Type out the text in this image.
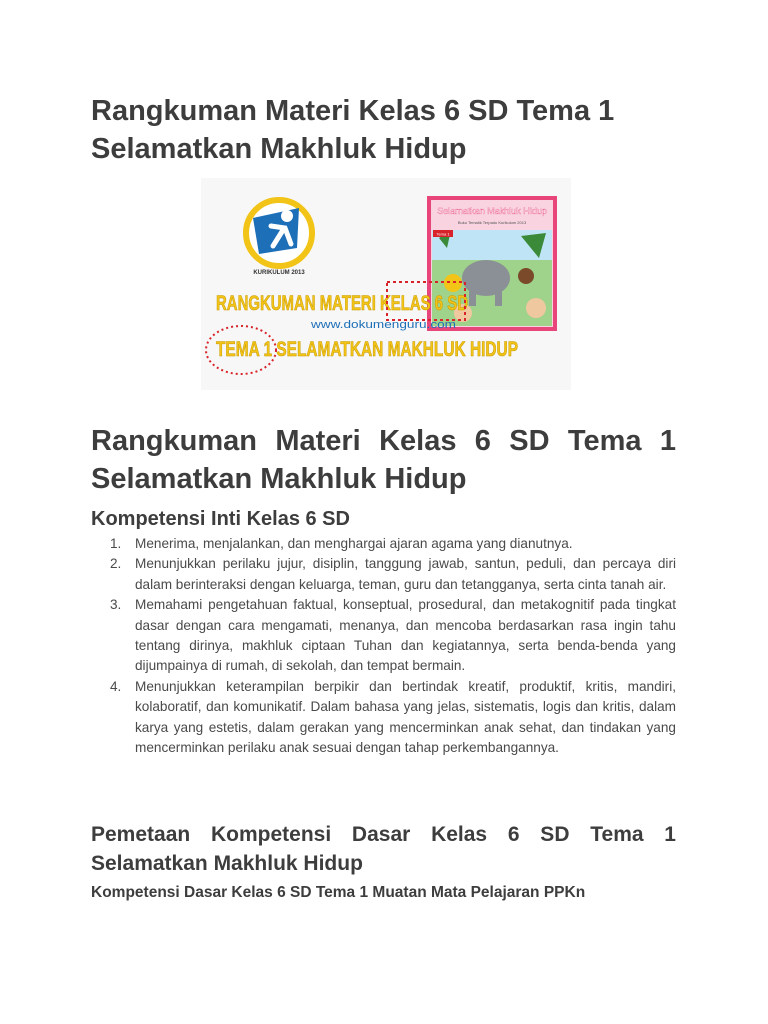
Rangkuman Materi Kelas 6 SD Tema 1 Selamatkan Makhluk Hidup
KURIKULUM 2013
Selamatkan Makhluk Hidup
Buku Tematik Terpadu Kurikulum 2013
Tema 1
RANGKUMAN MATERI KELAS 6 SD
www.dokumenguru.com
TEMA 1 SELAMATKAN MAKHLUK HIDUP
Rangkuman Materi Kelas 6 SD Tema 1 Selamatkan Makhluk Hidup
Kompetensi Inti Kelas 6 SD
1. Menerima, menjalankan, dan menghargai ajaran agama yang dianutnya.
2. Menunjukkan perilaku jujur, disiplin, tanggung jawab, santun, peduli, dan percaya diri dalam berinteraksi dengan keluarga, teman, guru dan tetangganya, serta cinta tanah air.
3. Memahami pengetahuan faktual, konseptual, prosedural, dan metakognitif pada tingkat dasar dengan cara mengamati, menanya, dan mencoba berdasarkan rasa ingin tahu tentang dirinya, makhluk ciptaan Tuhan dan kegiatannya, serta benda-benda yang dijumpainya di rumah, di sekolah, dan tempat bermain.
4. Menunjukkan keterampilan berpikir dan bertindak kreatif, produktif, kritis, mandiri, kolaboratif, dan komunikatif. Dalam bahasa yang jelas, sistematis, logis dan kritis, dalam karya yang estetis, dalam gerakan yang mencerminkan anak sehat, dan tindakan yang mencerminkan perilaku anak sesuai dengan tahap perkembangannya.
Pemetaan Kompetensi Dasar Kelas 6 SD Tema 1 Selamatkan Makhluk Hidup
Kompetensi Dasar Kelas 6 SD Tema 1 Muatan Mata Pelajaran PPKn
